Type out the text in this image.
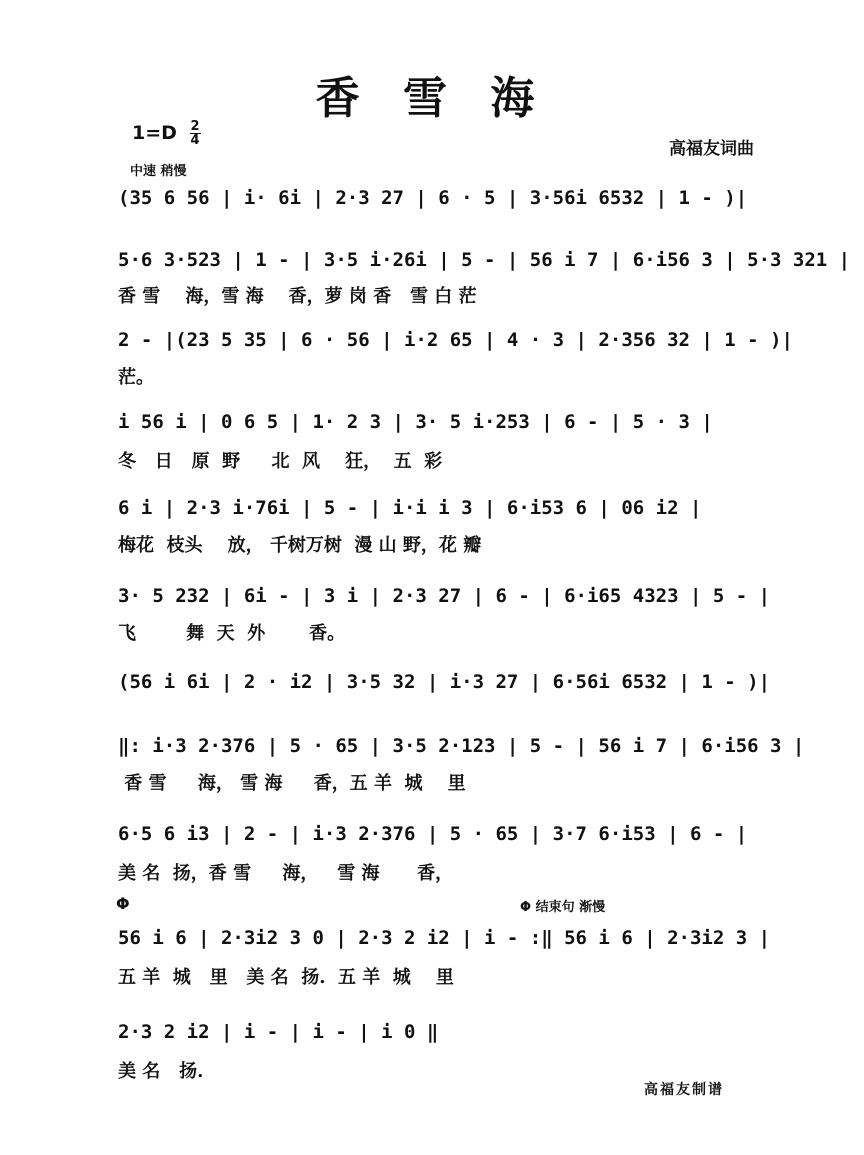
香 雪 海
$1=D \frac{2}{4}$
高福友词曲
中速 稍慢
(35 6 56 | i· 6i | 2·3 27 | 6 · 5 | 3·56i 6532 | 1 - )|
5·6 3·523 | 1 - | 3·5 i·26i | 5 - | 56 i 7 | 6·i56 3 | 5·3 321 |
香 雪    海，雪 海    香，萝 岗 香   雪 白 茫
2 - |(23 5 35 | 6 · 56 | i·2 65 | 4 · 3 | 2·356 32 | 1 - )|
茫。
i 56 i | 0 6 5 | 1· 2 3 | 3· 5 i·253 | 6 - | 5 · 3 |
冬   日   原  野     北  风    狂，  五  彩
6 i | 2·3 i·76i | 5 - | i·i i 3 | 6·i53 6 | 06 i2 |
梅花  枝头    放， 千树万树  漫 山 野，花 瓣
3· 5 232 | 6i - | 3 i | 2·3 27 | 6 - | 6·i65 4323 | 5 - |
飞        舞  天  外       香。
(56 i 6i | 2 · i2 | 3·5 32 | i·3 27 | 6·56i 6532 | 1 - )|
‖: i·3 2·376 | 5 · 65 | 3·5 2·123 | 5 - | 56 i 7 | 6·i56 3 |
香 雪     海， 雪 海     香，五 羊  城    里
6·5 6 i3 | 2 - | i·3 2·376 | 5 · 65 | 3·7 6·i53 | 6 - |
美 名  扬，香 雪     海，   雪 海      香，
Φ	Φ 结束句 渐慢
56 i 6 | 2·3i2 3 0 | 2·3 2 i2 | i - :‖ 56 i 6 | 2·3i2 3 |
五 羊  城   里   美 名  扬.  五 羊  城    里
2·3 2 i2 | i - | i - | i 0 ‖
美 名   扬.
高福友制谱
